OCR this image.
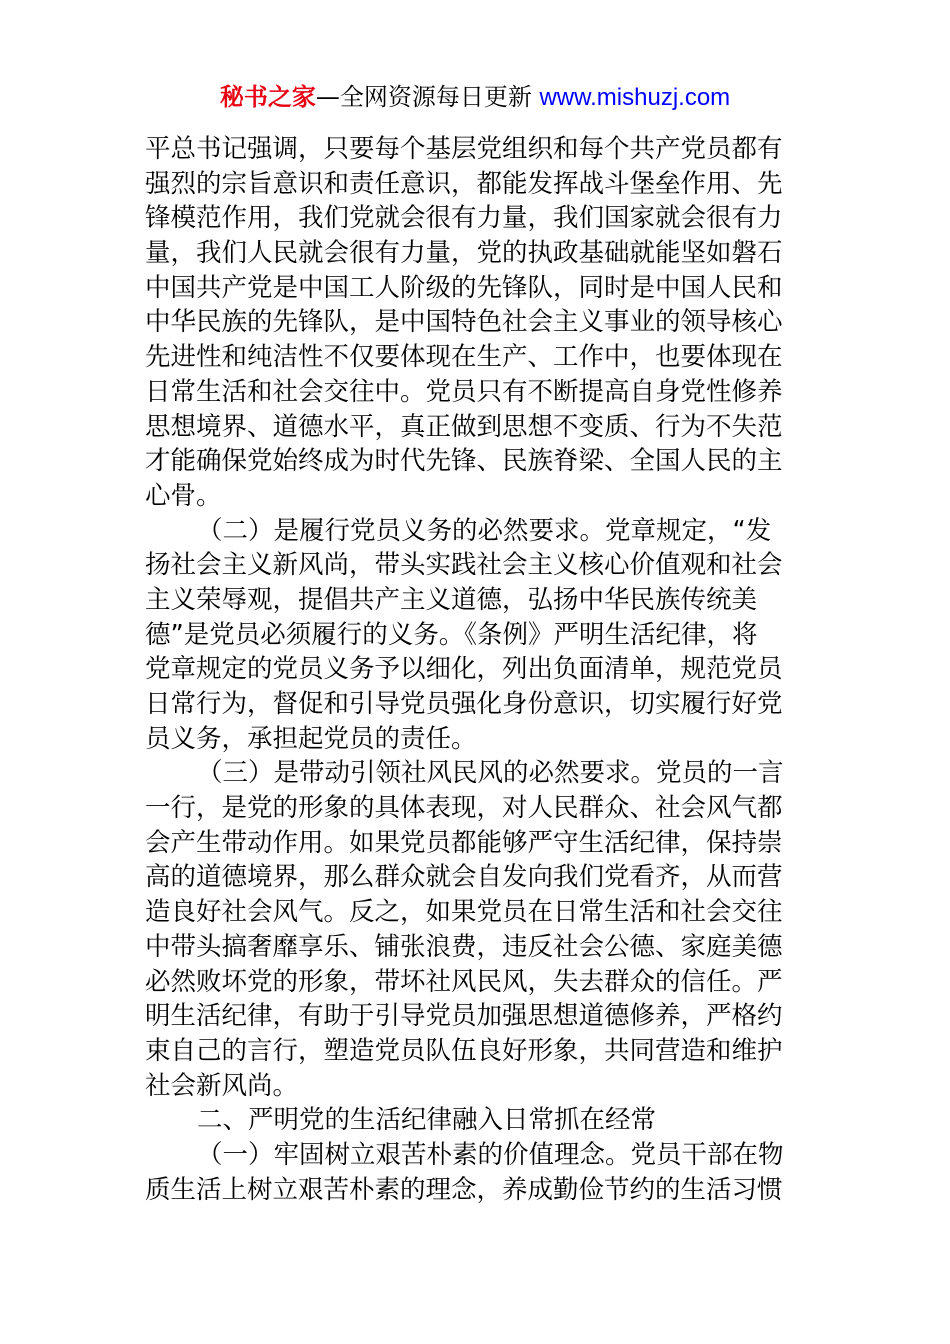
秘书之家—全网资源每日更新 www.mishuzj.com
平总书记强调，只要每个基层党组织和每个共产党员都有
强烈的宗旨意识和责任意识，都能发挥战斗堡垒作用、先
锋模范作用，我们党就会很有力量，我们国家就会很有力
量，我们人民就会很有力量，党的执政基础就能坚如磐石
中国共产党是中国工人阶级的先锋队，同时是中国人民和
中华民族的先锋队，是中国特色社会主义事业的领导核心
先进性和纯洁性不仅要体现在生产、工作中，也要体现在
日常生活和社会交往中。党员只有不断提高自身党性修养
思想境界、道德水平，真正做到思想不变质、行为不失范
才能确保党始终成为时代先锋、民族脊梁、全国人民的主
心骨。
（二）是履行党员义务的必然要求。党章规定，“发
扬社会主义新风尚，带头实践社会主义核心价值观和社会
主义荣辱观，提倡共产主义道德，弘扬中华民族传统美
德”是党员必须履行的义务。《条例》严明生活纪律，将
党章规定的党员义务予以细化，列出负面清单，规范党员
日常行为，督促和引导党员强化身份意识，切实履行好党
员义务，承担起党员的责任。
（三）是带动引领社风民风的必然要求。党员的一言
一行，是党的形象的具体表现，对人民群众、社会风气都
会产生带动作用。如果党员都能够严守生活纪律，保持崇
高的道德境界，那么群众就会自发向我们党看齐，从而营
造良好社会风气。反之，如果党员在日常生活和社会交往
中带头搞奢靡享乐、铺张浪费，违反社会公德、家庭美德
必然败坏党的形象，带坏社风民风，失去群众的信任。严
明生活纪律，有助于引导党员加强思想道德修养，严格约
束自己的言行，塑造党员队伍良好形象，共同营造和维护
社会新风尚。
二、严明党的生活纪律融入日常抓在经常
（一）牢固树立艰苦朴素的价值理念。党员干部在物
质生活上树立艰苦朴素的理念，养成勤俭节约的生活习惯
